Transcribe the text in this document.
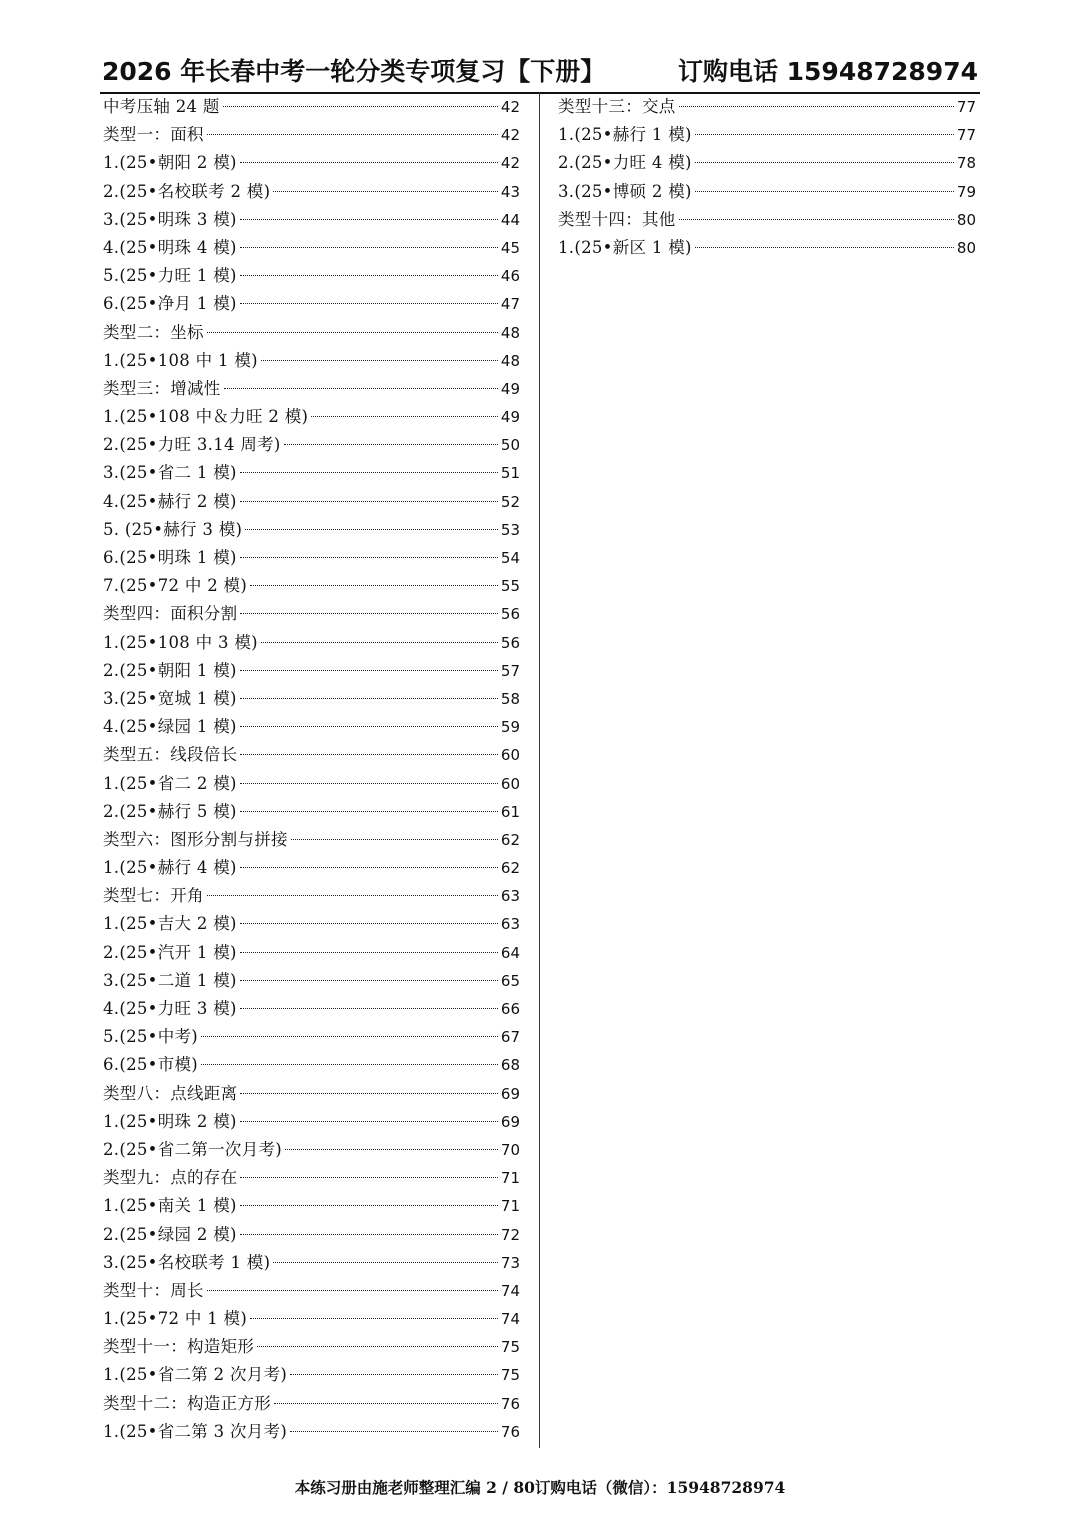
2026 年长春中考一轮分类专项复习【下册】	订购电话 15948728974
中考压轴 24 题	42
类型一：面积	42
1.(25•朝阳 2 模)	42
2.(25•名校联考 2 模)	43
3.(25•明珠 3 模)	44
4.(25•明珠 4 模)	45
5.(25•力旺 1 模)	46
6.(25•净月 1 模)	47
类型二：坐标	48
1.(25•108 中 1 模)	48
类型三：增减性	49
1.(25•108 中＆力旺 2 模)	49
2.(25•力旺 3.14 周考)	50
3.(25•省二 1 模)	51
4.(25•赫行 2 模)	52
5. (25•赫行 3 模)	53
6.(25•明珠 1 模)	54
7.(25•72 中 2 模)	55
类型四：面积分割	56
1.(25•108 中 3 模)	56
2.(25•朝阳 1 模)	57
3.(25•宽城 1 模)	58
4.(25•绿园 1 模)	59
类型五：线段倍长	60
1.(25•省二 2 模)	60
2.(25•赫行 5 模)	61
类型六：图形分割与拼接	62
1.(25•赫行 4 模)	62
类型七：开角	63
1.(25•吉大 2 模)	63
2.(25•汽开 1 模)	64
3.(25•二道 1 模)	65
4.(25•力旺 3 模)	66
5.(25•中考)	67
6.(25•市模)	68
类型八：点线距离	69
1.(25•明珠 2 模)	69
2.(25•省二第一次月考)	70
类型九：点的存在	71
1.(25•南关 1 模)	71
2.(25•绿园 2 模)	72
3.(25•名校联考 1 模)	73
类型十：周长	74
1.(25•72 中 1 模)	74
类型十一：构造矩形	75
1.(25•省二第 2 次月考)	75
类型十二：构造正方形	76
1.(25•省二第 3 次月考)	76
类型十三：交点	77
1.(25•赫行 1 模)	77
2.(25•力旺 4 模)	78
3.(25•博硕 2 模)	79
类型十四：其他	80
1.(25•新区 1 模)	80
本练习册由施老师整理汇编 2 / 80订购电话（微信）：15948728974
